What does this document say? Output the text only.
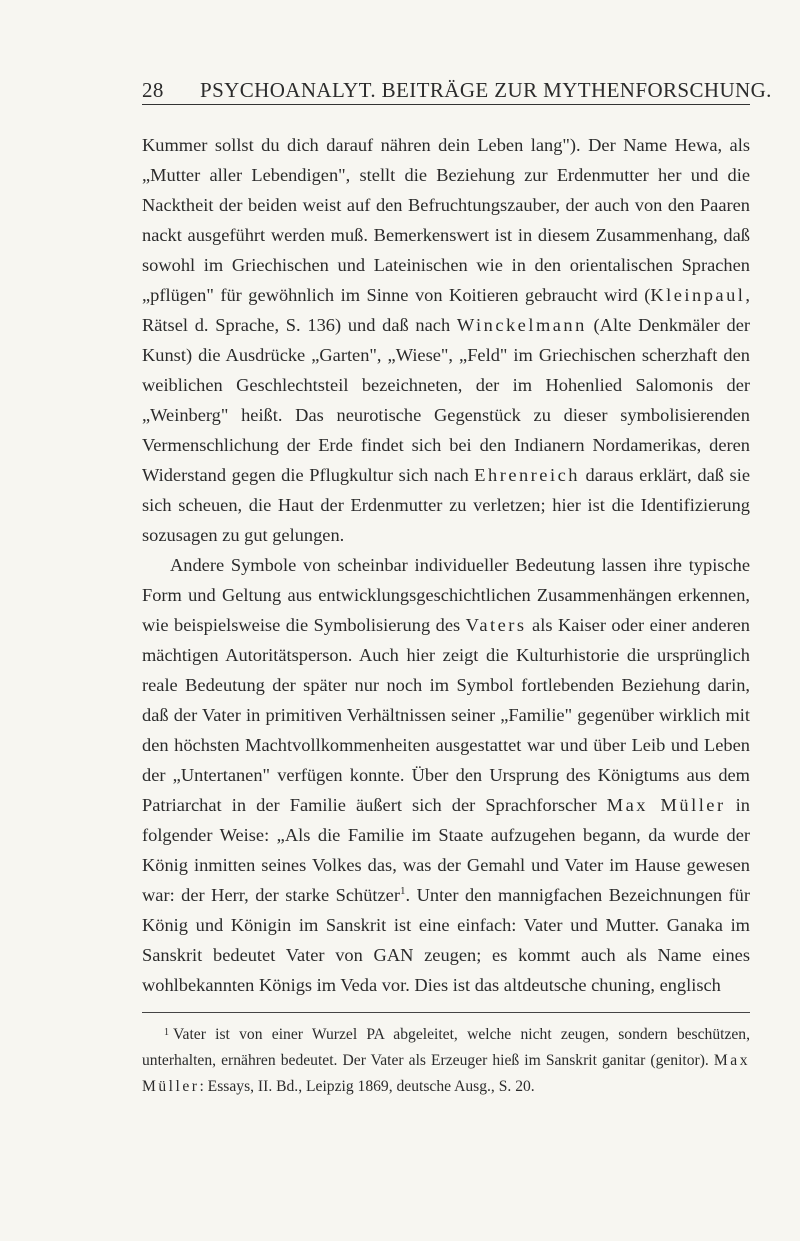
28 PSYCHOANALYT. BEITRÄGE ZUR MYTHENFORSCHUNG.

Kummer sollst du dich darauf nähren dein Leben lang"). Der Name Hewa, als „Mutter aller Lebendigen", stellt die Beziehung zur Erdenmutter her und die Nacktheit der beiden weist auf den Befruchtungszauber, der auch von den Paaren nackt ausgeführt werden muß. Bemerkenswert ist in diesem Zusammenhang, daß sowohl im Griechischen und Lateinischen wie in den orientalischen Sprachen „pflügen" für gewöhnlich im Sinne von Koitieren gebraucht wird (Kleinpaul, Rätsel d. Sprache, S. 136) und daß nach Winckelmann (Alte Denkmäler der Kunst) die Ausdrücke „Garten", „Wiese", „Feld" im Griechischen scherzhaft den weiblichen Geschlechtsteil bezeichneten, der im Hohenlied Salomonis der „Weinberg" heißt. Das neurotische Gegenstück zu dieser symbolisierenden Vermenschlichung der Erde findet sich bei den Indianern Nordamerikas, deren Widerstand gegen die Pflugkultur sich nach Ehrenreich daraus erklärt, daß sie sich scheuen, die Haut der Erdenmutter zu verletzen; hier ist die Identifizierung sozusagen zu gut gelungen.

Andere Symbole von scheinbar individueller Bedeutung lassen ihre typische Form und Geltung aus entwicklungsgeschichtlichen Zusammenhängen erkennen, wie beispielsweise die Symbolisierung des Vaters als Kaiser oder einer anderen mächtigen Autoritätsperson. Auch hier zeigt die Kulturhistorie die ursprünglich reale Bedeutung der später nur noch im Symbol fortlebenden Beziehung darin, daß der Vater in primitiven Verhältnissen seiner „Familie" gegenüber wirklich mit den höchsten Machtvollkommenheiten ausgestattet war und über Leib und Leben der „Untertanen" verfügen konnte. Über den Ursprung des Königtums aus dem Patriarchat in der Familie äußert sich der Sprachforscher Max Müller in folgender Weise: „Als die Familie im Staate aufzugehen begann, da wurde der König inmitten seines Volkes das, was der Gemahl und Vater im Hause gewesen war: der Herr, der starke Schützer$^1$. Unter den mannigfachen Bezeichnungen für König und Königin im Sanskrit ist eine einfach: Vater und Mutter. Ganaka im Sanskrit bedeutet Vater von GAN zeugen; es kommt auch als Name eines wohlbekannten Königs im Veda vor. Dies ist das altdeutsche chuning, englisch

$^1$ Vater ist von einer Wurzel PA abgeleitet, welche nicht zeugen, sondern beschützen, unterhalten, ernähren bedeutet. Der Vater als Erzeuger hieß im Sanskrit ganitar (genitor). Max Müller: Essays, II. Bd., Leipzig 1869, deutsche Ausg., S. 20.
